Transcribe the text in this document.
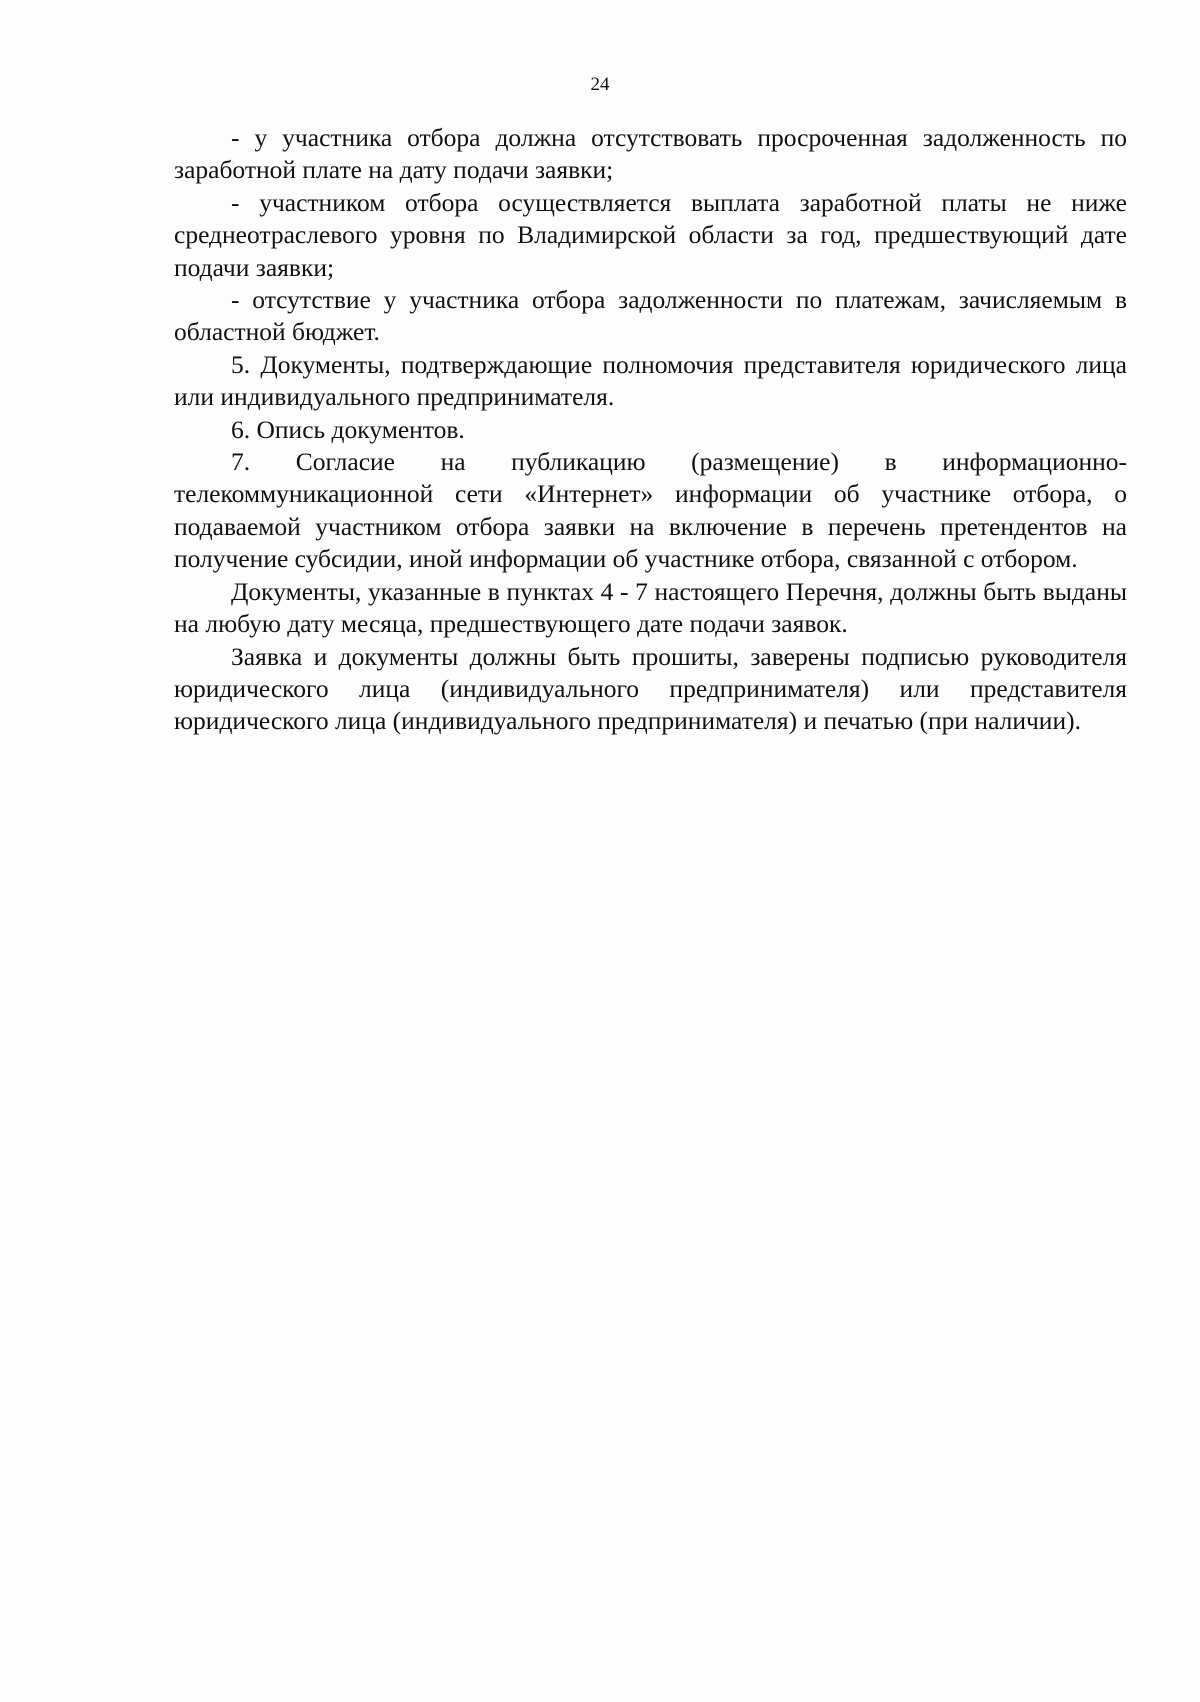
24

- у участника отбора должна отсутствовать просроченная задолженность по заработной плате на дату подачи заявки;

- участником отбора осуществляется выплата заработной платы не ниже среднеотраслевого уровня по Владимирской области за год, предшествующий дате подачи заявки;

- отсутствие у участника отбора задолженности по платежам, зачисляемым в областной бюджет.

5. Документы, подтверждающие полномочия представителя юридического лица или индивидуального предпринимателя.

6. Опись документов.

7. Согласие на публикацию (размещение) в информационно-телекоммуникационной сети «Интернет» информации об участнике отбора, о подаваемой участником отбора заявки на включение в перечень претендентов на получение субсидии, иной информации об участнике отбора, связанной с отбором.

Документы, указанные в пунктах 4 - 7 настоящего Перечня, должны быть выданы на любую дату месяца, предшествующего дате подачи заявок.

Заявка и документы должны быть прошиты, заверены подписью руководителя юридического лица (индивидуального предпринимателя) или представителя юридического лица (индивидуального предпринимателя) и печатью (при наличии).
